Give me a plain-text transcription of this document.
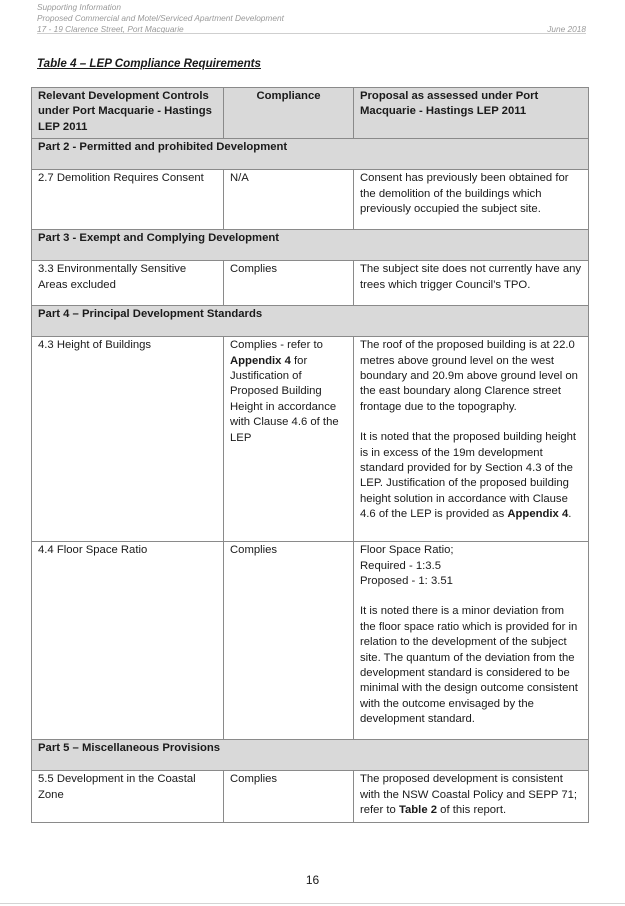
Supporting Information
Proposed Commercial and Motel/Serviced Apartment Development
17 - 19 Clarence Street, Port Macquarie	June 2018
Table 4 – LEP Compliance Requirements
Relevant Development Controls under Port Macquarie - Hastings LEP 2011	Compliance	Proposal as assessed under Port Macquarie - Hastings LEP 2011
Part 2 - Permitted and prohibited Development		
2.7 Demolition Requires Consent	N/A	Consent has previously been obtained for the demolition of the buildings which previously occupied the subject site.
Part 3 - Exempt and Complying Development		
3.3 Environmentally Sensitive Areas excluded	Complies	The subject site does not currently have any trees which trigger Council’s TPO.
Part 4 – Principal Development Standards		
4.3 Height of Buildings	Complies - refer to Appendix 4 for Justification of Proposed Building Height in accordance with Clause 4.6 of the LEP	The roof of the proposed building is at 22.0 metres above ground level on the west boundary and 20.9m above ground level on the east boundary along Clarence street frontage due to the topography.
It is noted that the proposed building height is in excess of the 19m development standard provided for by Section 4.3 of the LEP. Justification of the proposed building height solution in accordance with Clause 4.6 of the LEP is provided as Appendix 4.

4.4 Floor Space Ratio	Complies	Floor Space Ratio;
Required - 1:3.5
Proposed - 1: 3.51
It is noted there is a minor deviation from the floor space ratio which is provided for in relation to the development of the subject site. The quantum of the deviation from the development standard is considered to be minimal with the design outcome consistent with the outcome envisaged by the development standard.

Part 5 – Miscellaneous Provisions		
5.5 Development in the Coastal Zone	Complies	The proposed development is consistent with the NSW Coastal Policy and SEPP 71; refer to Table 2 of this report.
16
